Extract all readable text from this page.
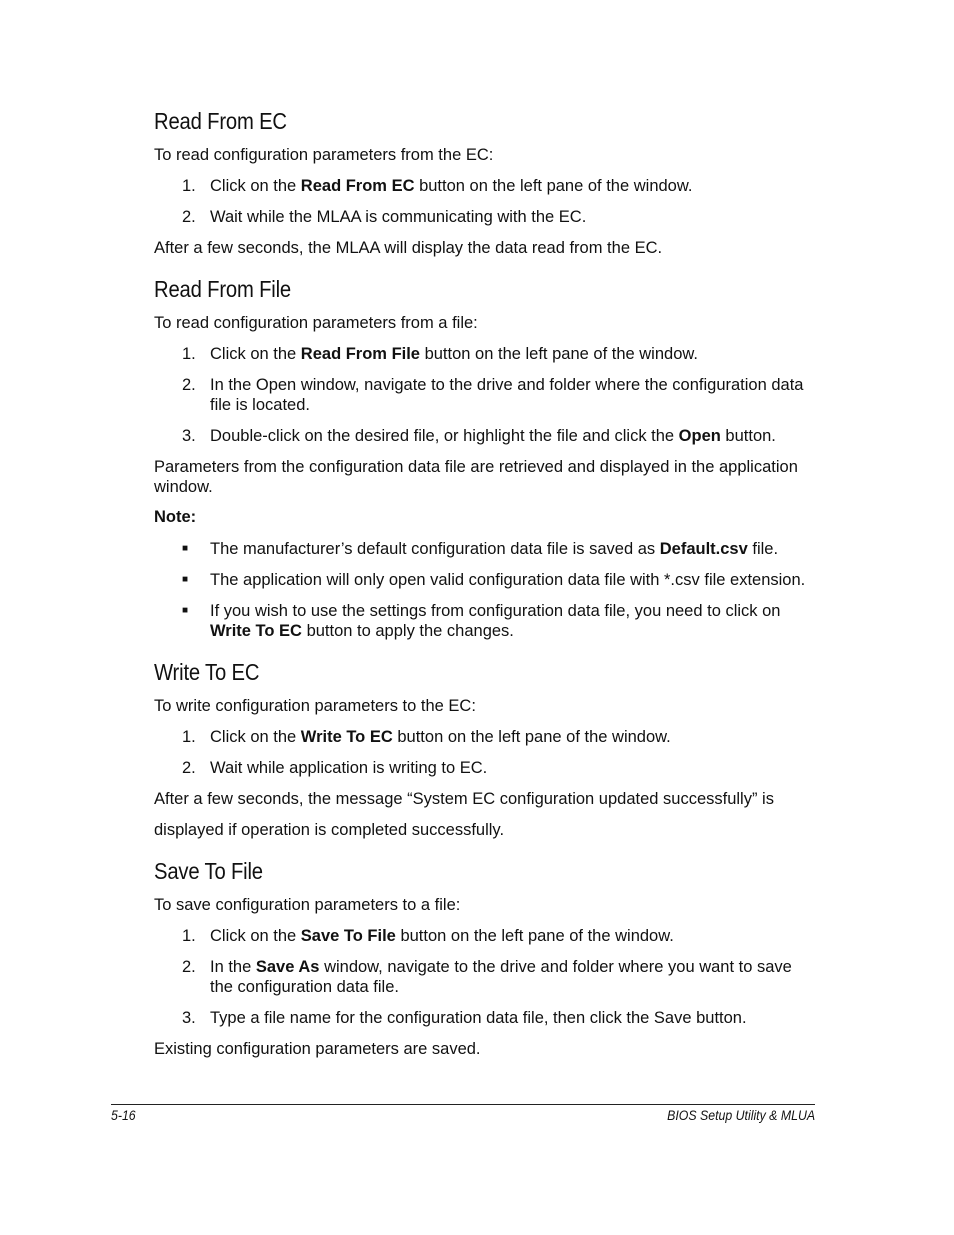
Read From EC

To read configuration parameters from the EC:

1. Click on the Read From EC button on the left pane of the window.
2. Wait while the MLAA is communicating with the EC.

After a few seconds, the MLAA will display the data read from the EC.

Read From File

To read configuration parameters from a file:

1. Click on the Read From File button on the left pane of the window.
2. In the Open window, navigate to the drive and folder where the configuration data file is located.
3. Double-click on the desired file, or highlight the file and click the Open button.

Parameters from the configuration data file are retrieved and displayed in the application window.

Note:
■ The manufacturer’s default configuration data file is saved as Default.csv file.
■ The application will only open valid configuration data file with *.csv file extension.
■ If you wish to use the settings from configuration data file, you need to click on Write To EC button to apply the changes.
Write To EC

To write configuration parameters to the EC:

1. Click on the Write To EC button on the left pane of the window.
2. Wait while application is writing to EC.

After a few seconds, the message “System EC configuration updated successfully” is

displayed if operation is completed successfully.

Save To File

To save configuration parameters to a file:

1. Click on the Save To File button on the left pane of the window.
2. In the Save As window, navigate to the drive and folder where you want to save the configuration data file.
3. Type a file name for the configuration data file, then click the Save button.

Existing configuration parameters are saved.

5-16	BIOS Setup Utility & MLUA
